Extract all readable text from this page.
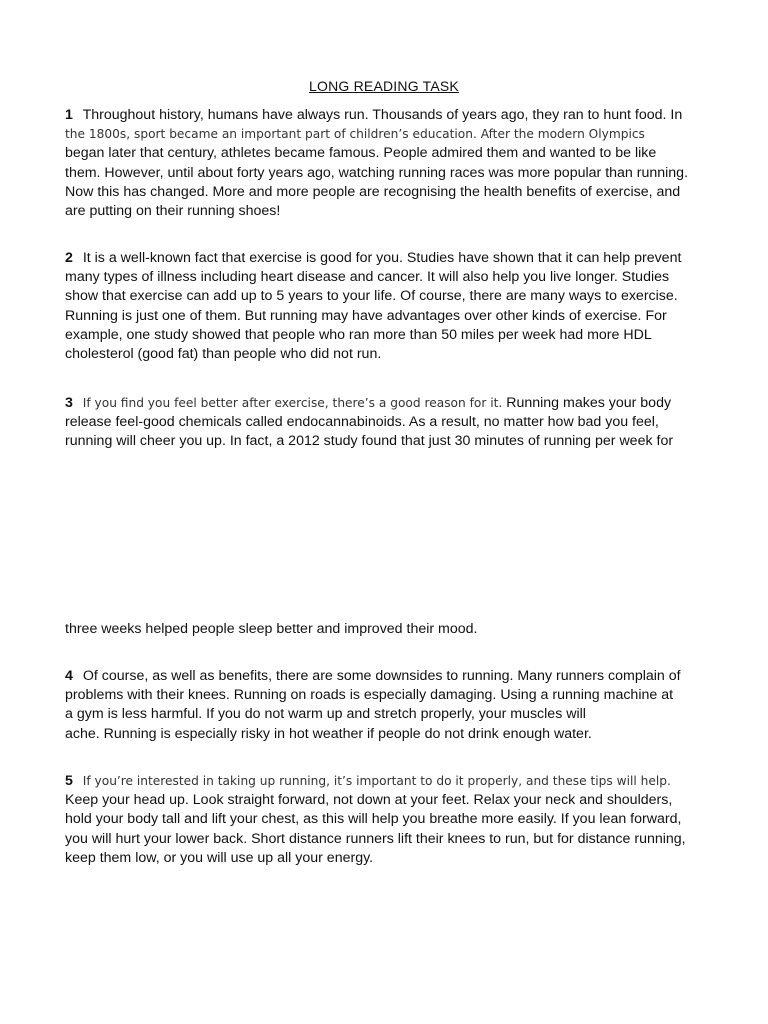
LONG READING TASK
1 Throughout history, humans have always run. Thousands of years ago, they ran to hunt food. In
the 1800s, sport became an important part of children’s education. After the modern Olympics
began later that century, athletes became famous. People admired them and wanted to be like
them. However, until about forty years ago, watching running races was more popular than running.
Now this has changed. More and more people are recognising the health benefits of exercise, and
are putting on their running shoes!
2 It is a well-known fact that exercise is good for you. Studies have shown that it can help prevent
many types of illness including heart disease and cancer. It will also help you live longer. Studies
show that exercise can add up to 5 years to your life. Of course, there are many ways to exercise.
Running is just one of them. But running may have advantages over other kinds of exercise. For
example, one study showed that people who ran more than 50 miles per week had more HDL
cholesterol (good fat) than people who did not run.
3 If you find you feel better after exercise, there’s a good reason for it. Running makes your body
release feel-good chemicals called endocannabinoids. As a result, no matter how bad you feel,
running will cheer you up. In fact, a 2012 study found that just 30 minutes of running per week for
three weeks helped people sleep better and improved their mood.
4 Of course, as well as benefits, there are some downsides to running. Many runners complain of
problems with their knees. Running on roads is especially damaging. Using a running machine at
a gym is less harmful. If you do not warm up and stretch properly, your muscles will
ache. Running is especially risky in hot weather if people do not drink enough water.
5 If you’re interested in taking up running, it’s important to do it properly, and these tips will help.
Keep your head up. Look straight forward, not down at your feet. Relax your neck and shoulders,
hold your body tall and lift your chest, as this will help you breathe more easily. If you lean forward,
you will hurt your lower back. Short distance runners lift their knees to run, but for distance running,
keep them low, or you will use up all your energy.
